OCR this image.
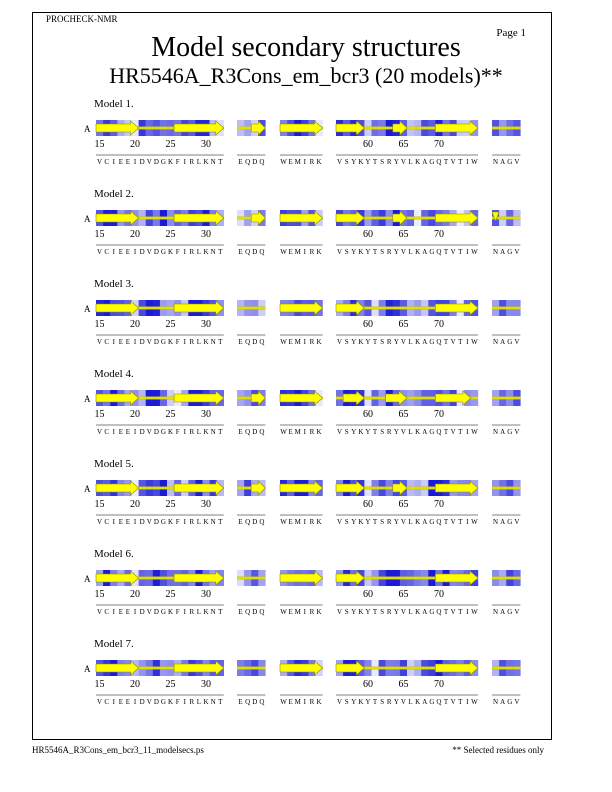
PROCHECK-NMR
Page 1
Model secondary structures
HR5546A_R3Cons_em_bcr3 (20 models)**
HR5546A_R3Cons_em_bcr3_11_modelsecs.ps	** Selected residues only
Model 1.
A
15	20	25	30
V C I E E I D V D G K F I R L K N T E Q D Q W E M I R K
60	65	70
V S Y K Y T S R Y V L K A G Q T V T I W N A G V
Model 2.
A
15	20	25	30
V C I E E I D V D G K F I R L K N T E Q D Q W E M I R K
60	65	70
V S Y K Y T S R Y V L K A G Q T V T I W N A G V
Model 3.
A
15	20	25	30
V C I E E I D V D G K F I R L K N T E Q D Q W E M I R K
60	65	70
V S Y K Y T S R Y V L K A G Q T V T I W N A G V
Model 4.
A
15	20	25	30
V C I E E I D V D G K F I R L K N T E Q D Q W E M I R K
60	65	70
V S Y K Y T S R Y V L K A G Q T V T I W N A G V
Model 5.
A
15	20	25	30
V C I E E I D V D G K F I R L K N T E Q D Q W E M I R K
60	65	70
V S Y K Y T S R Y V L K A G Q T V T I W N A G V
Model 6.
A
15	20	25	30
V C I E E I D V D G K F I R L K N T E Q D Q W E M I R K
60	65	70
V S Y K Y T S R Y V L K A G Q T V T I W N A G V
Model 7.
A
15	20	25	30
V C I E E I D V D G K F I R L K N T E Q D Q W E M I R K
60	65	70
V S Y K Y T S R Y V L K A G Q T V T I W N A G V
